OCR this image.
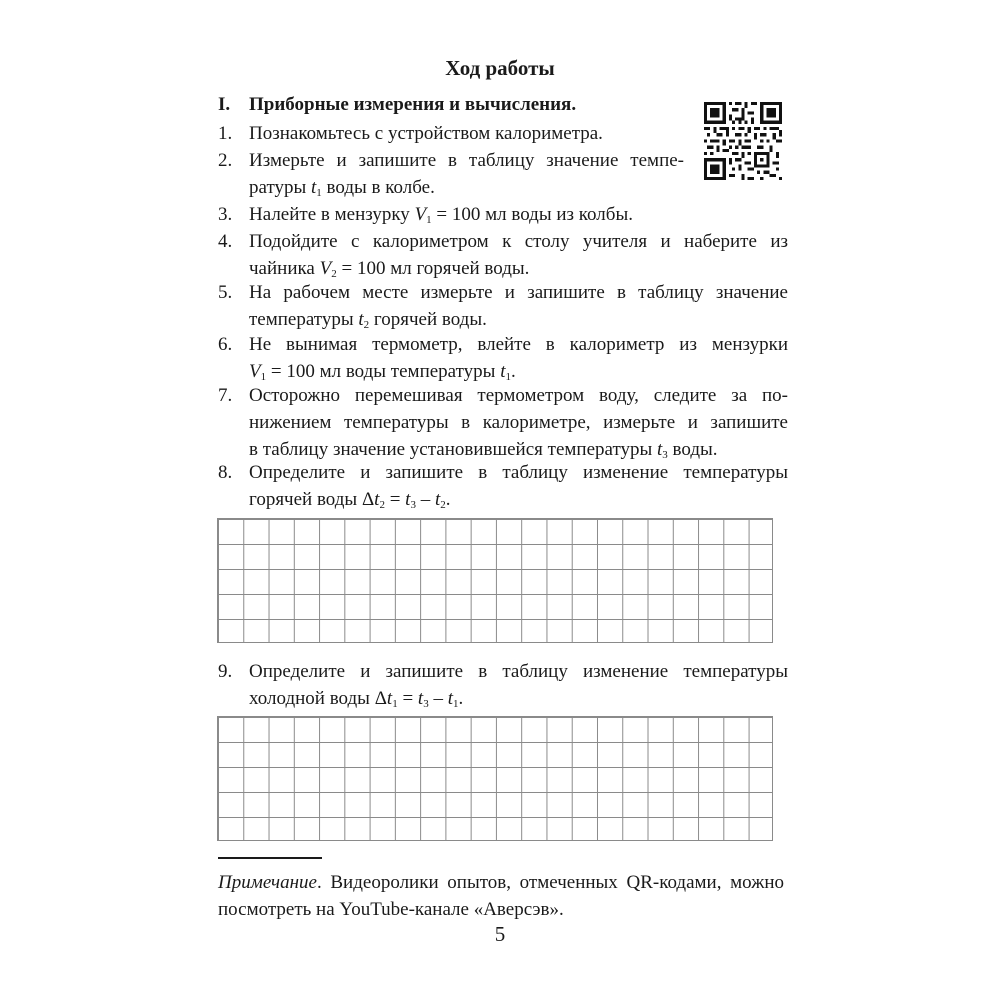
Ход работы
I. Приборные измерения и вычисления.
1. Познакомьтесь с устройством калориметра.
2. Измерьте и запишите в таблицу значение темпе-
ратуры $t_1$ воды в колбе.
3. Налейте в мензурку $V_1 = 100$ мл воды из колбы.
4. Подойдите с калориметром к столу учителя и наберите из
чайника $V_2 = 100$ мл горячей воды.
5. На рабочем месте измерьте и запишите в таблицу значение
температуры $t_2$ горячей воды.
6. Не вынимая термометр, влейте в калориметр из мензурки
$V_1 = 100$ мл воды температуры $t_1$.
7. Осторожно перемешивая термометром воду, следите за по-
нижением температуры в калориметре, измерьте и запишите
в таблицу значение установившейся температуры $t_3$ воды.
8. Определите и запишите в таблицу изменение температуры
горячей воды $\Delta t_2 = t_3 - t_2$.
9. Определите и запишите в таблицу изменение температуры
холодной воды $\Delta t_1 = t_3 - t_1$.
Примечание. Видеоролики опытов, отмеченных QR-кодами, можно
посмотреть на YouTube-канале «Аверсэв».
5
